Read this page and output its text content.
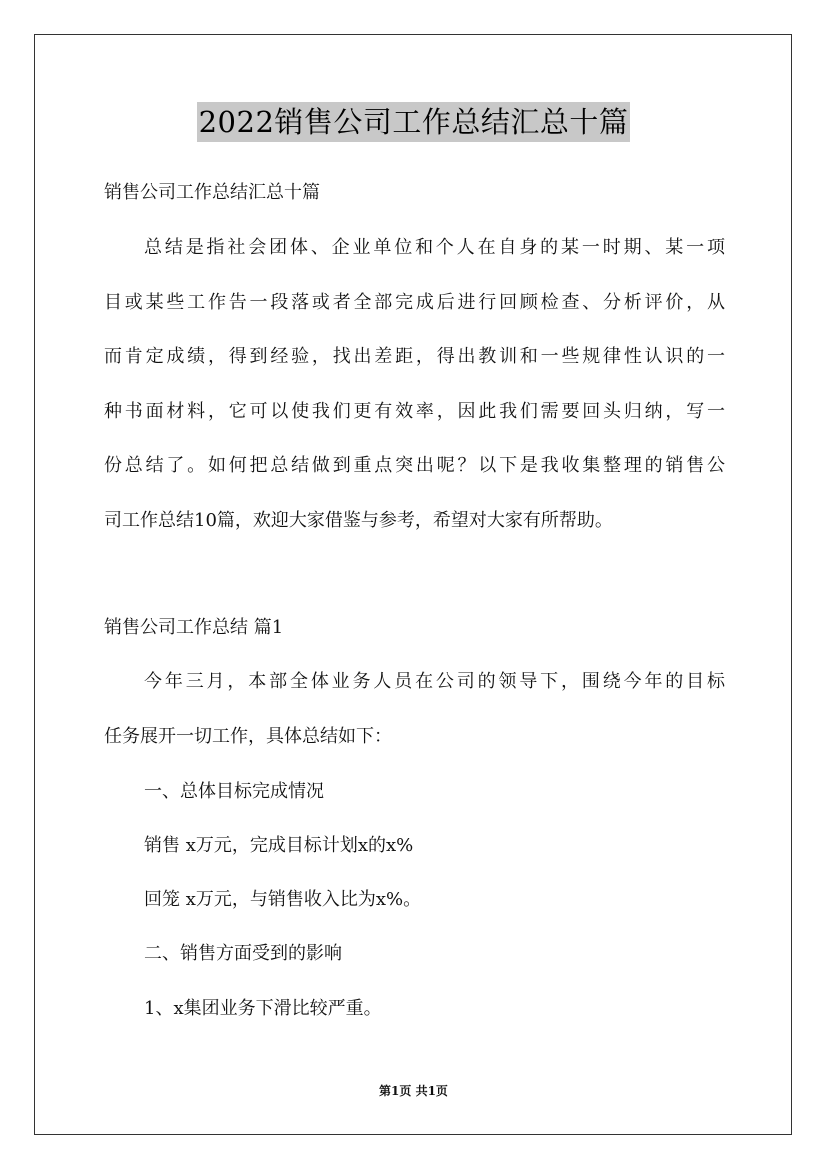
2022销售公司工作总结汇总十篇
销售公司工作总结汇总十篇
总结是指社会团体、企业单位和个人在自身的某一时期、某一项
目或某些工作告一段落或者全部完成后进行回顾检查、分析评价，从
而肯定成绩，得到经验，找出差距，得出教训和一些规律性认识的一
种书面材料，它可以使我们更有效率，因此我们需要回头归纳，写一
份总结了。如何把总结做到重点突出呢？以下是我收集整理的销售公
司工作总结10篇，欢迎大家借鉴与参考，希望对大家有所帮助。
销售公司工作总结 篇1
今年三月，本部全体业务人员在公司的领导下，围绕今年的目标
任务展开一切工作，具体总结如下：
一、总体目标完成情况
销售 x万元，完成目标计划x的x%
回笼 x万元，与销售收入比为x%。
二、销售方面受到的影响
1、x集团业务下滑比较严重。
第1页 共1页
